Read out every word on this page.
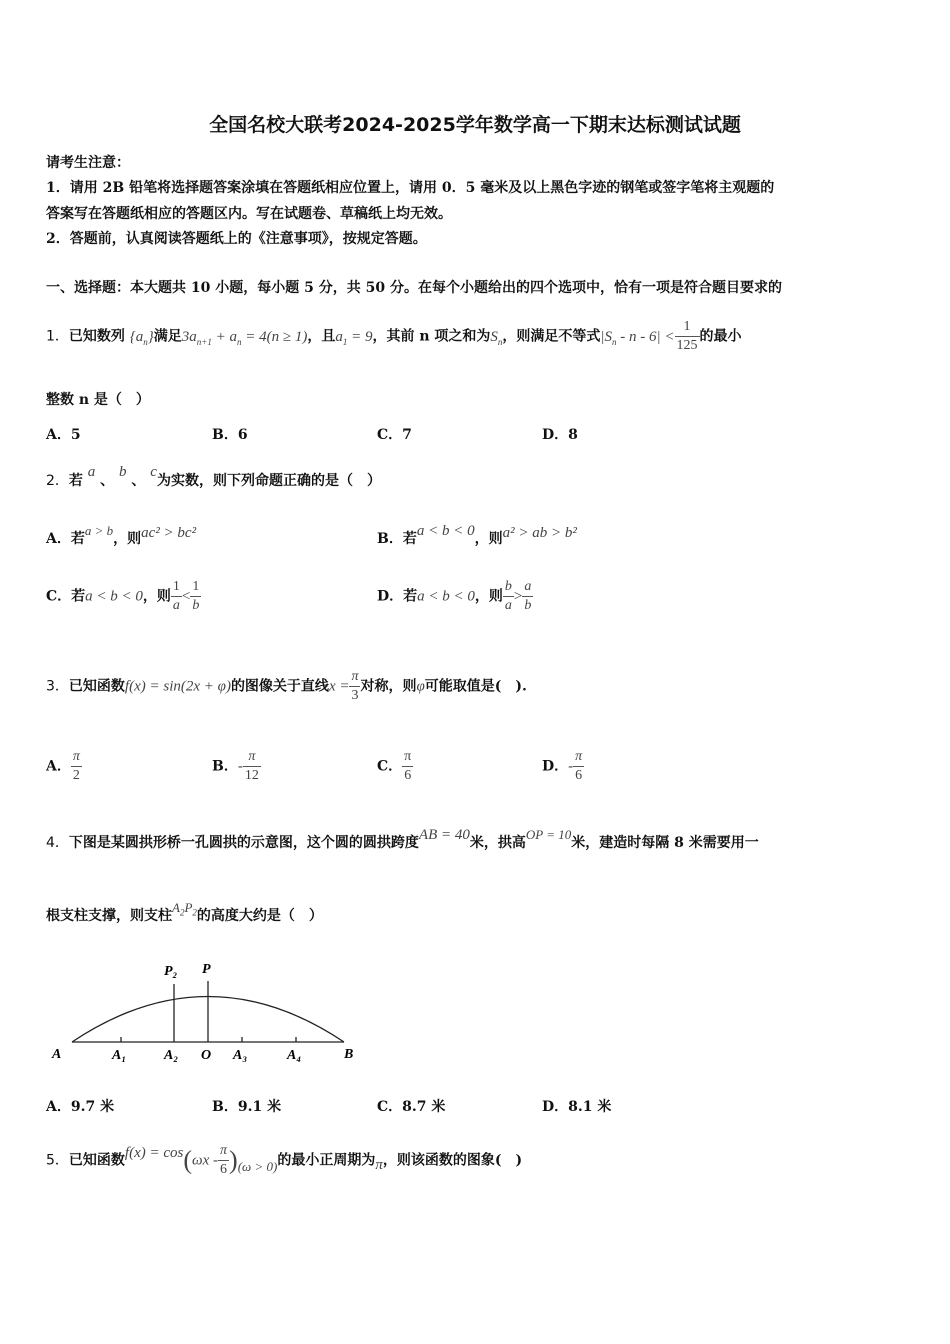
全国名校大联考2024-2025学年数学高一下期末达标测试试题
请考生注意：
1．请用 2B 铅笔将选择题答案涂填在答题纸相应位置上，请用 0．5 毫米及以上黑色字迹的钢笔或签字笔将主观题的
答案写在答题纸相应的答题区内。写在试题卷、草稿纸上均无效。
2．答题前，认真阅读答题纸上的《注意事项》，按规定答题。
一、选择题：本大题共 10 小题，每小题 5 分，共 50 分。在每个小题给出的四个选项中，恰有一项是符合题目要求的
1．已知数列 $\{a_n\}$满足$3a_{n+1} + a_n = 4(n \ge 1)$，且$a_1 = 9$，其前 n 项之和为$S_n$，则满足不等式$|S_n - n - 6| < \frac{1}{125}$ 的最小
整数 n 是（　）
A．5	B．6	C．7	D．8
2．若 a 、 b 、 c为实数，则下列命题正确的是（　）
A．若a > b，则ac² > bc²	B．若a < b < 0，则a² > ab > b²
C．若a < b < 0，则 $\frac{1}{a} < \frac{1}{b}$	D．若a < b < 0，则 $\frac{b}{a} > \frac{a}{b}$
3．已知函数f(x) = sin(2x + φ)的图像关于直线$x = \frac{\pi}{3}$ 对称，则φ可能取值是(　).
A． $\frac{\pi}{2}$	B．- $\frac{\pi}{12}$	C． $\frac{\pi}{6}$	D．- $\frac{\pi}{6}$
4．下图是某圆拱形桥一孔圆拱的示意图，这个圆的圆拱跨度AB = 40米，拱高OP = 10米，建造时每隔 8 米需要用一
根支柱支撑，则支柱$A_2P_2$的高度大约是（　）
P₂ P
A	A₁	A₂ O A₃	A₄	B
A．9.7 米	B．9.1 米	C．8.7 米	D．8.1 米
5．已知函数$f(x) = \cos(\omega x - \frac{\pi}{6} )(\omega > 0)$的最小正周期为π，则该函数的图象(　)
